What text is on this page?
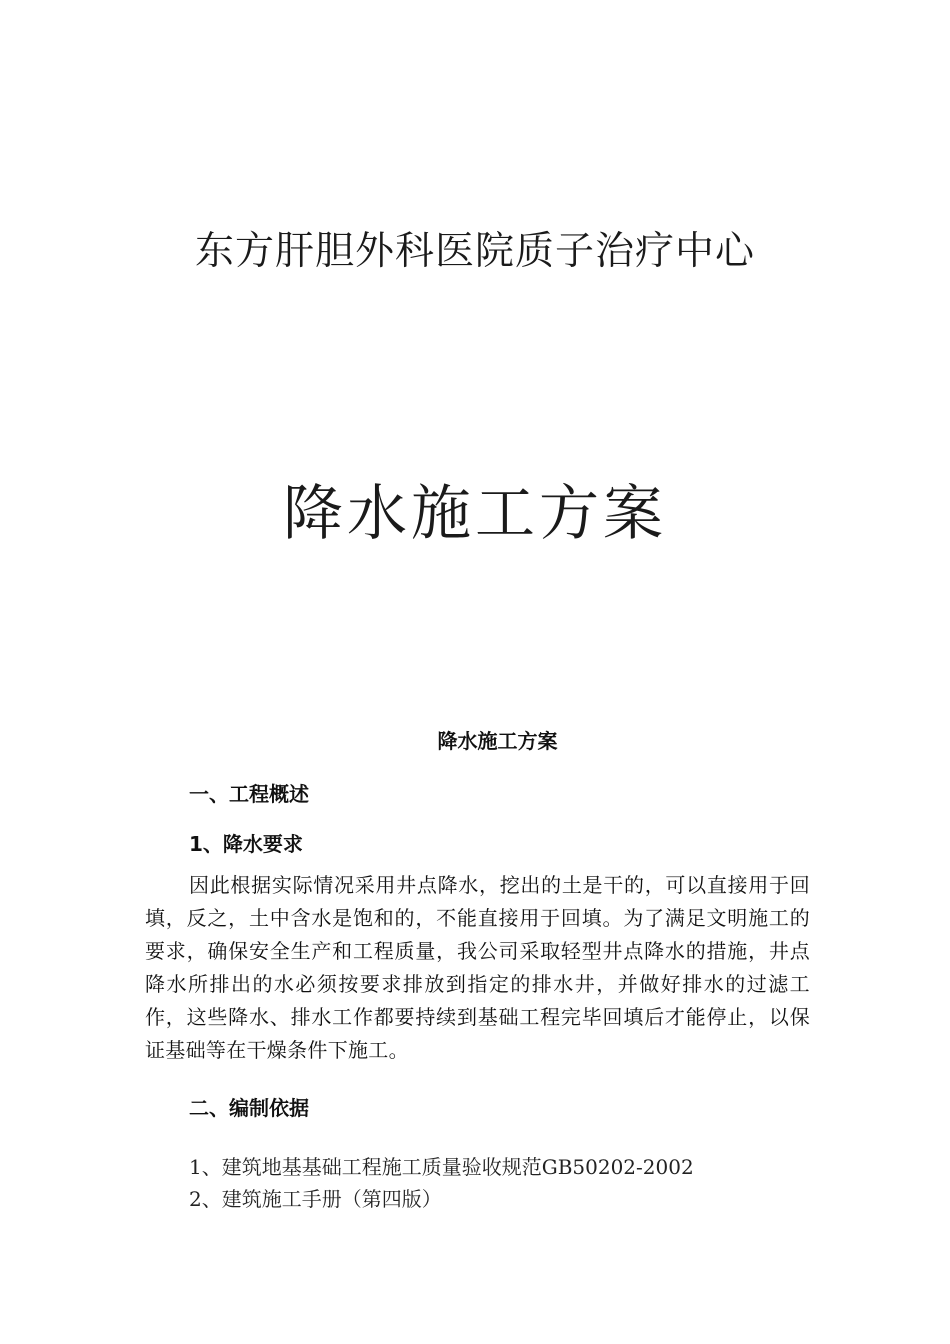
东方肝胆外科医院质子治疗中心
降水施工方案
降水施工方案
一、工程概述
1、降水要求

因此根据实际情况采用井点降水，挖出的土是干的，可以直接用于回填，反之，土中含水是饱和的，不能直接用于回填。为了满足文明施工的要求，确保安全生产和工程质量，我公司采取轻型井点降水的措施，井点降水所排出的水必须按要求排放到指定的排水井，并做好排水的过滤工作，这些降水、排水工作都要持续到基础工程完毕回填后才能停止，以保证基础等在干燥条件下施工。

二、编制依据
1、建筑地基基础工程施工质量验收规范GB50202-2002
2、建筑施工手册（第四版）
